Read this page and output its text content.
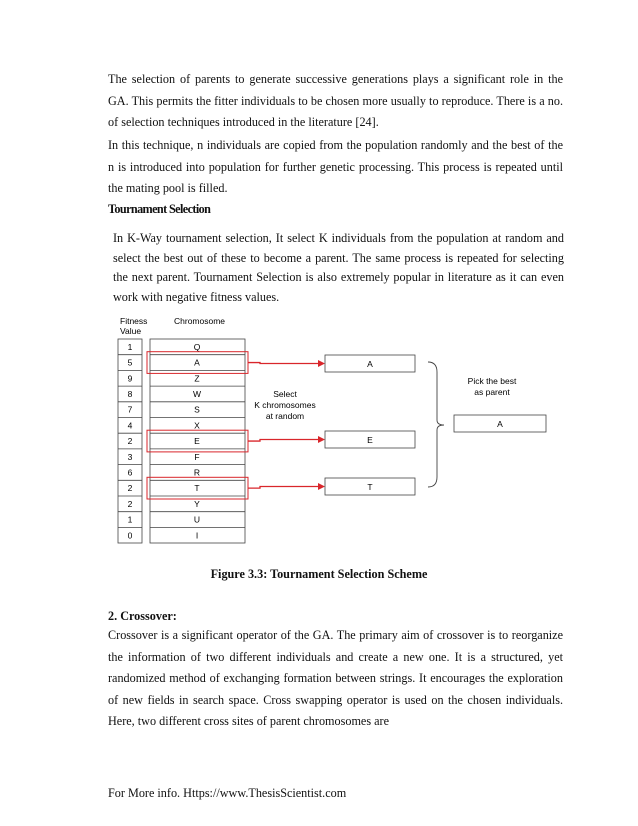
The selection of parents to generate successive generations plays a significant role in the GA. This permits the fitter individuals to be chosen more usually to reproduce. There is a no. of selection techniques introduced in the literature [24].

In this technique, n individuals are copied from the population randomly and the best of the n is introduced into population for further genetic processing. This process is repeated until the mating pool is filled.

Tournament Selection

In K-Way tournament selection, It select K individuals from the population at random and select the best out of these to become a parent. The same process is repeated for selecting the next parent. Tournament Selection is also extremely popular in literature as it can even work with negative fitness values.

Fitness
Value
Chromosome
1	Q
5	A
9	Z
8	W
7	S
4	X
2	E
3	F
6	R
2	T
2	Y
1	U
0	I
Select
K chromosomes
at random
A
E
T
Pick the best
as parent
A
Figure 3.3: Tournament Selection Scheme

2. Crossover:

Crossover is a significant operator of the GA. The primary aim of crossover is to reorganize the information of two different individuals and create a new one. It is a structured, yet randomized method of exchanging formation between strings. It encourages the exploration of new fields in search space. Cross swapping operator is used on the chosen individuals. Here, two different cross sites of parent chromosomes are

For More info. Https://www.ThesisScientist.com
